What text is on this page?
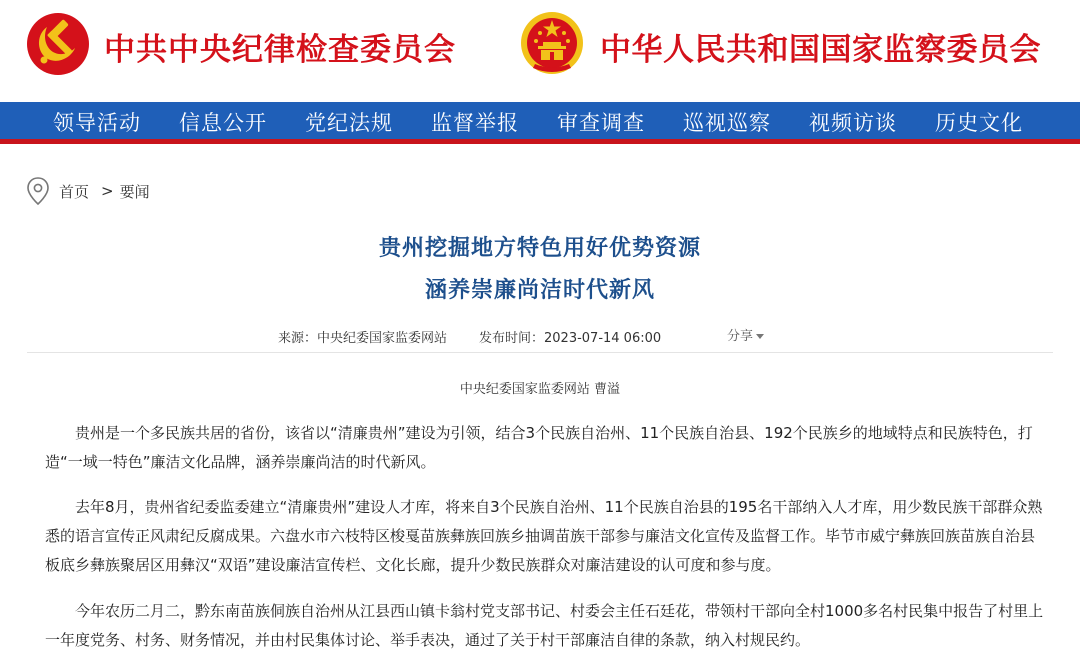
中共中央纪律检查委员会	中华人民共和国国家监察委员会
领导活动 信息公开 党纪法规 监督举报 审查调查 巡视巡察 视频访谈 历史文化
首页 > 要闻
贵州挖掘地方特色用好优势资源
涵养崇廉尚洁时代新风
来源：中央纪委国家监委网站 发布时间：2023-07-14 06:00	分享
中央纪委国家监委网站 曹溢

贵州是一个多民族共居的省份，该省以“清廉贵州”建设为引领，结合3个民族自治州、11个民族自治县、192个民族乡的地域特点和民族特色，打造“一域一特色”廉洁文化品牌，涵养崇廉尚洁的时代新风。

去年8月，贵州省纪委监委建立“清廉贵州”建设人才库，将来自3个民族自治州、11个民族自治县的195名干部纳入人才库，用少数民族干部群众熟悉的语言宣传正风肃纪反腐成果。六盘水市六枝特区梭戛苗族彝族回族乡抽调苗族干部参与廉洁文化宣传及监督工作。毕节市威宁彝族回族苗族自治县板底乡彝族聚居区用彝汉“双语”建设廉洁宣传栏、文化长廊，提升少数民族群众对廉洁建设的认可度和参与度。

今年农历二月二，黔东南苗族侗族自治州从江县西山镇卡翁村党支部书记、村委会主任石廷花，带领村干部向全村1000多名村民集中报告了村里上一年度党务、村务、财务情况，并由村民集体讨论、举手表决，通过了关于村干部廉洁自律的条款，纳入村规民约。
